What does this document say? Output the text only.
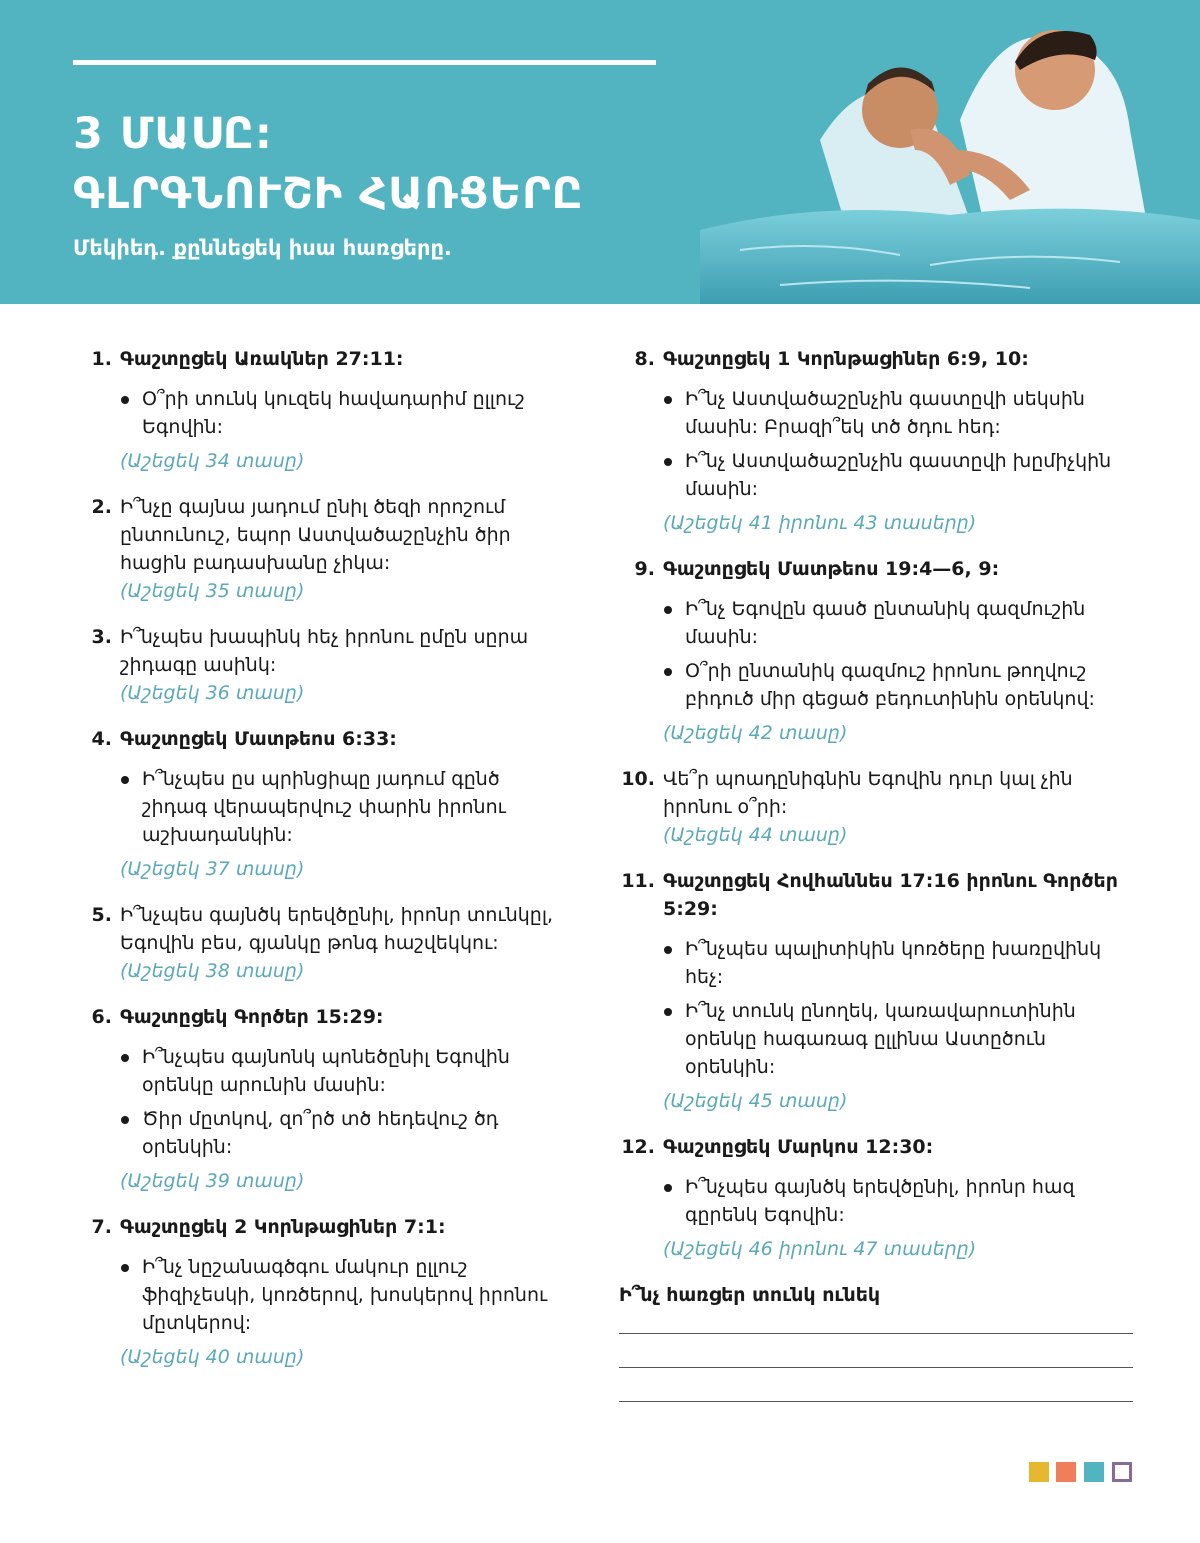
3 ՄԱՍԸ:
ԳԼՐԳՆՈՒՇԻ ՀԱՌՑԵՐԸ

Մեկիեդ. քըննեցեկ իսա հառցերը.

1. Գաշտըցեկ Առակներ 27:11:

Օ՞րի տունկ կուզեկ հավադարիմ ըլլուշ Եգովին:
(Աշեցեկ 34 տասը)
2. Ի՞նչը գայնա յադում ընիլ ծեզի որոշում ընտունուշ, եպոր Աստվածաշընչին ծիր հացին բադասխանը չիկա:

(Աշեցեկ 35 տասը)
3. Ի՞նչպես խապինկ հեչ իրոնու ըմըն սըրա շիդագը ասինկ:

(Աշեցեկ 36 տասը)
4. Գաշտըցեկ Մատթեոս 6:33:

Ի՞նչպես ըս պրինցիպը յադում գընծ շիդագ վերապերվուշ փարին իրոնու աշխադանկին:
(Աշեցեկ 37 տասը)
5. Ի՞նչպես գայնծկ երեվծընիլ, իրոնր տունկըլ, Եգովին բես, գյանկը թոնգ հաշվեկկու:

(Աշեցեկ 38 տասը)
6. Գաշտըցեկ Գործեր 15:29:

Ի՞նչպես գայնոնկ պոնեծընիլ Եգովին օրենկը արունին մասին:
Ծիր մըտկով, զո՞րծ տծ հեդեվուշ ծդ օրենկին:
(Աշեցեկ 39 տասը)
7. Գաշտըցեկ 2 Կորնթացիներ 7:1:

Ի՞նչ նըշանագծգու մակուր ըլլուշ ֆիզիչեսկի, կոռծերով, խոսկերով իրոնու մըտկերով:
(Աշեցեկ 40 տասը)
8. Գաշտըցեկ 1 Կորնթացիներ 6:9, 10:

Ի՞նչ Աստվածաշընչին գաստըվի սեկսին մասին: Բրազի՞եկ տծ ծդու հեդ:
Ի՞նչ Աստվածաշընչին գաստըվի խըմիչկին մասին:
(Աշեցեկ 41 իրոնու 43 տասերը)
9. Գաշտըցեկ Մատթեոս 19:4—6, 9:

Ի՞նչ Եգովըն գասծ ընտանիկ գազմուշին մասին:
Օ՞րի ընտանիկ գազմուշ իրոնու թողվուշ բիդուծ միր գեցած բեդուտինին օրենկով:
(Աշեցեկ 42 տասը)
10. Վե՞ր պոադընիգնին Եգովին դուր կալ չին իրոնու օ՞րի:

(Աշեցեկ 44 տասը)
11. Գաշտըցեկ Հովհաննես 17:16 իրոնու Գործեր 5:29:

Ի՞նչպես պալիտիկին կոռծերը խառըվինկ հեչ:
Ի՞նչ տունկ ընողեկ, կառավարուտինին օրենկը հագառագ ըլլինա Աստըծուն օրենկին:
(Աշեցեկ 45 տասը)
12. Գաշտըցեկ Մարկոս 12:30:

Ի՞նչպես գայնծկ երեվծընիլ, իրոնր հազ գըրենկ Եգովին:
(Աշեցեկ 46 իրոնու 47 տասերը)

Ի՞նչ հառցեր տունկ ունեկ
